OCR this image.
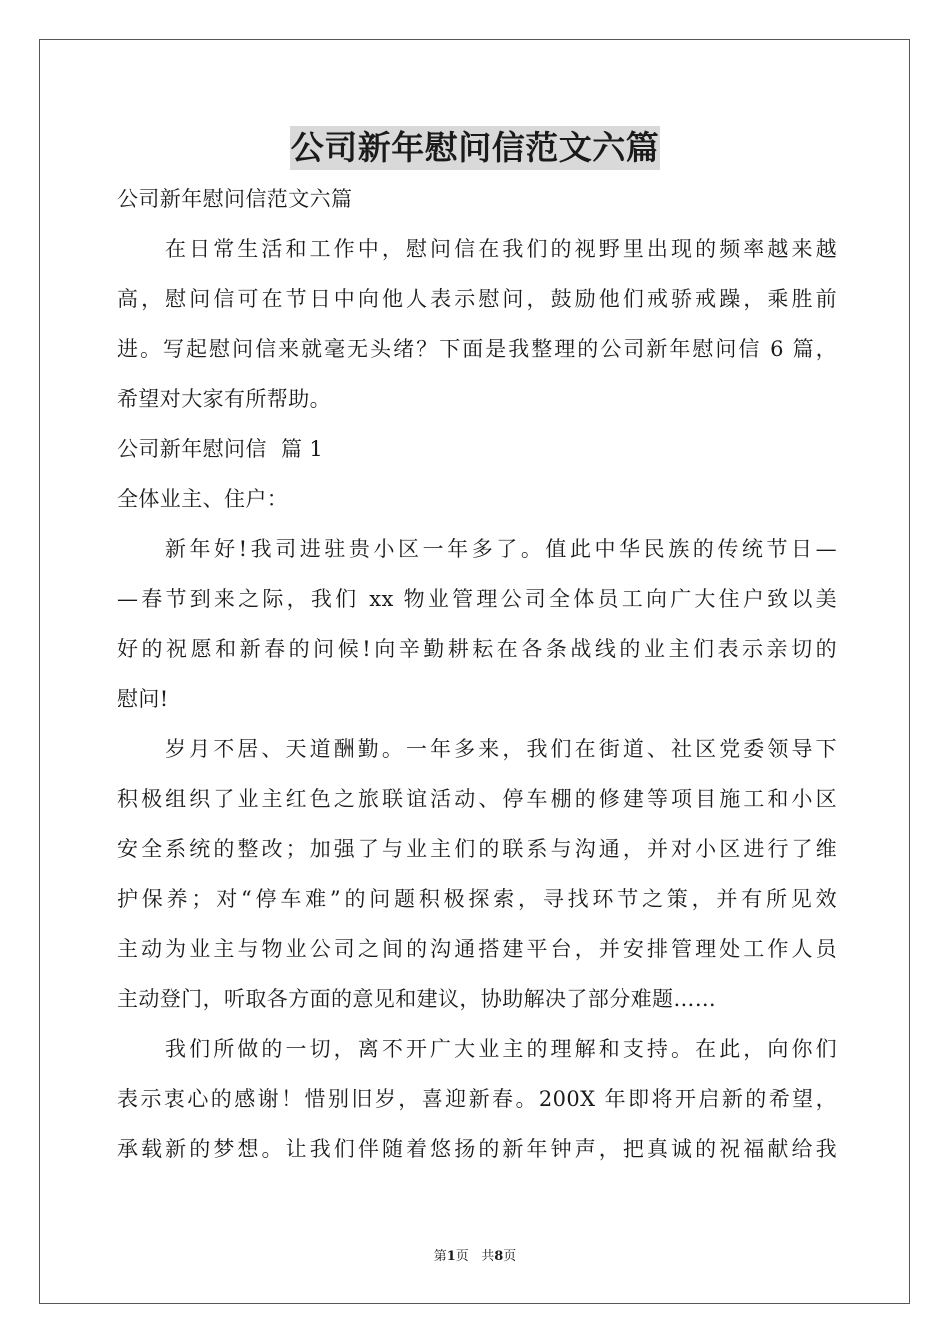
公司新年慰问信范文六篇
公司新年慰问信范文六篇
在日常生活和工作中，慰问信在我们的视野里出现的频率越来越
高，慰问信可在节日中向他人表示慰问，鼓励他们戒骄戒躁，乘胜前
进。写起慰问信来就毫无头绪？下面是我整理的公司新年慰问信 6 篇，
希望对大家有所帮助。
公司新年慰问信  篇 1
全体业主、住户：
新年好!我司进驻贵小区一年多了。值此中华民族的传统节日—
—春节到来之际，我们 xx 物业管理公司全体员工向广大住户致以美
好的祝愿和新春的问候!向辛勤耕耘在各条战线的业主们表示亲切的
慰问!
岁月不居、天道酬勤。一年多来，我们在街道、社区党委领导下
积极组织了业主红色之旅联谊活动、停车棚的修建等项目施工和小区
安全系统的整改；加强了与业主们的联系与沟通，并对小区进行了维
护保养；对“停车难”的问题积极探索，寻找环节之策，并有所见效
主动为业主与物业公司之间的沟通搭建平台，并安排管理处工作人员
主动登门，听取各方面的意见和建议，协助解决了部分难题……
我们所做的一切，离不开广大业主的理解和支持。在此，向你们
表示衷心的感谢！惜别旧岁，喜迎新春。200X 年即将开启新的希望，
承载新的梦想。让我们伴随着悠扬的新年钟声，把真诚的祝福献给我
第1页 共8页
